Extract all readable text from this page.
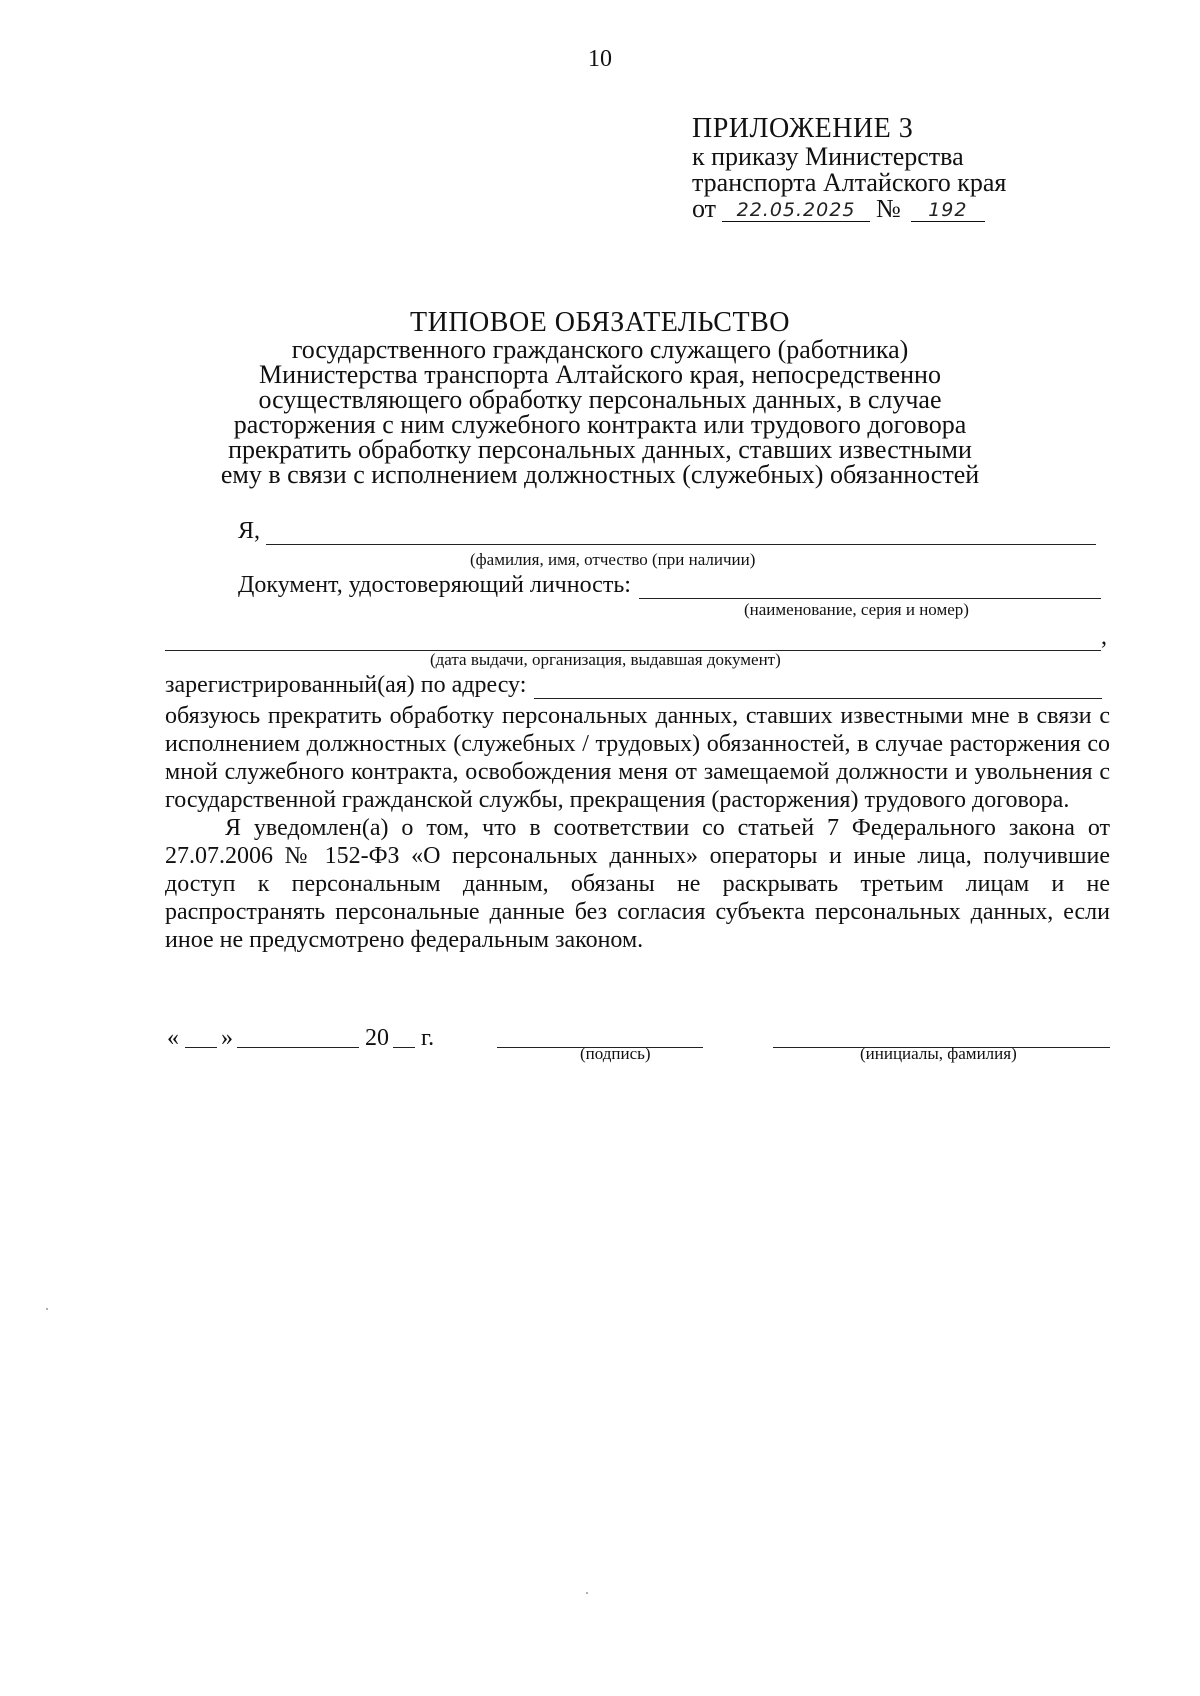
10
ПРИЛОЖЕНИЕ 3
к приказу Министерства
транспорта Алтайского края
от	22.05.2025 №	192
ТИПОВОЕ ОБЯЗАТЕЛЬСТВО
государственного гражданского служащего (работника)
Министерства транспорта Алтайского края, непосредственно
осуществляющего обработку персональных данных, в случае
расторжения с ним служебного контракта или трудового договора
прекратить обработку персональных данных, ставших известными
ему в связи с исполнением должностных (служебных) обязанностей
Я,
(фамилия, имя, отчество (при наличии)
Документ, удостоверяющий личность:
(наименование, серия и номер)
,
(дата выдачи, организация, выдавшая документ)
зарегистрированный(ая) по адресу:

обязуюсь прекратить обработку персональных данных, ставших известными мне в связи с исполнением должностных (служебных / трудовых) обязанностей, в случае расторжения со мной служебного контракта, освобождения меня от замещаемой должности и увольнения с государственной гражданской службы, прекращения (расторжения) трудового договора.

Я уведомлен(а) о том, что в соответствии со статьей 7 Федерального закона от 27.07.2006 № 152-ФЗ «О персональных данных» операторы и иные лица, получившие доступ к персональным данным, обязаны не раскрывать третьим лицам и не распространять персональные данные без согласия субъекта персональных данных, если иное не предусмотрено федеральным законом.

« »	20 г.
(подпись)	(инициалы, фамилия)
